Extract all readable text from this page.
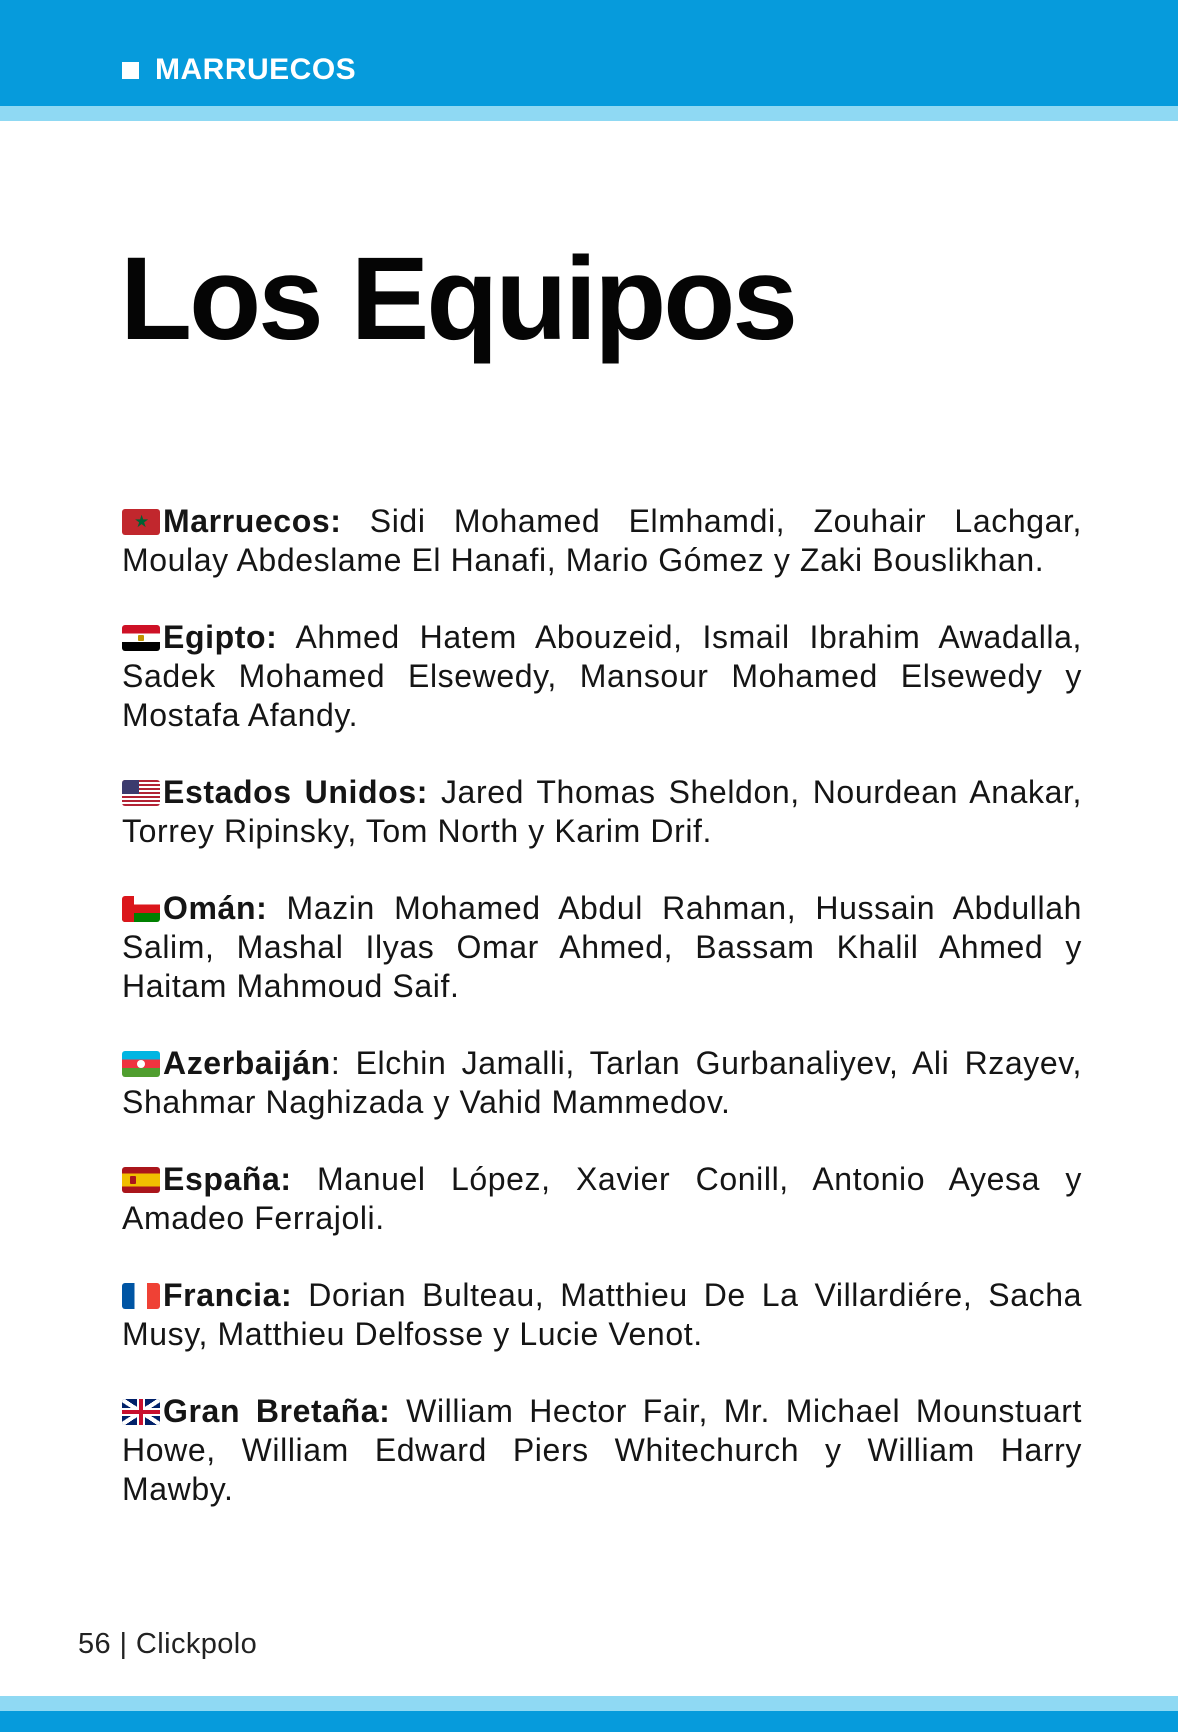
MARRUECOS
Los Equipos

★Marruecos: Sidi Mohamed Elmhamdi, Zouhair Lachgar, Moulay Abdeslame El Hanafi, Mario Gómez y Zaki Bouslikhan.

Egipto: Ahmed Hatem Abouzeid, Ismail Ibrahim Awadalla, Sadek Mohamed Elsewedy, Mansour Mohamed Elsewedy y Mostafa Afandy.

Estados Unidos: Jared Thomas Sheldon, Nourdean Anakar, Torrey Ripinsky, Tom North y Karim Drif.

Omán: Mazin Mohamed Abdul Rahman, Hussain Abdullah Salim, Mashal Ilyas Omar Ahmed, Bassam Khalil Ahmed y Haitam Mahmoud Saif.

Azerbaiján: Elchin Jamalli, Tarlan Gurbanaliyev, Ali Rzayev, Shahmar Naghizada y Vahid Mammedov.

España: Manuel López, Xavier Conill, Antonio Ayesa y Amadeo Ferrajoli.

Francia: Dorian Bulteau, Matthieu De La Villardiére, Sacha Musy, Matthieu Delfosse y Lucie Venot.

Gran Bretaña: William Hector Fair, Mr. Michael Mounstuart Howe, William Edward Piers Whitechurch y William Harry Mawby.

56 | Clickpolo
